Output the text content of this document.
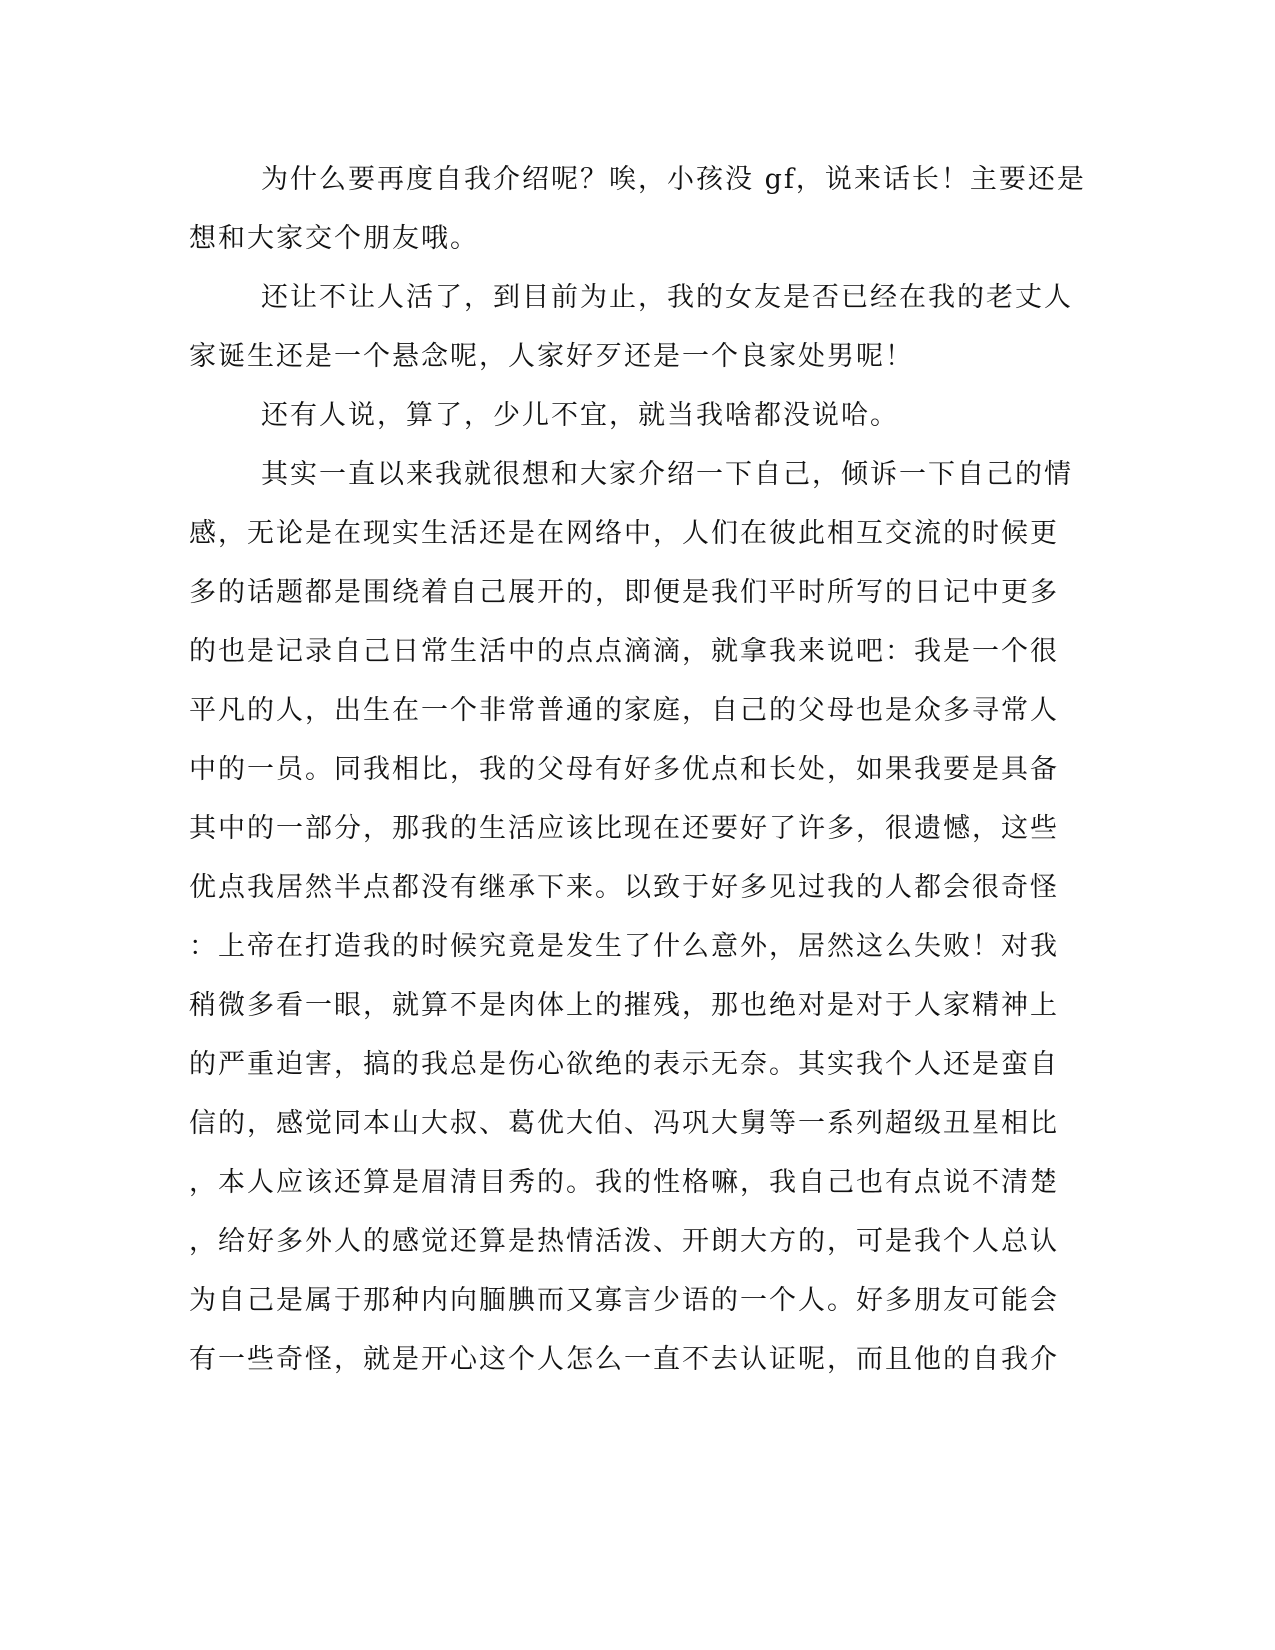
为什么要再度自我介绍呢？唉，小孩没 gf，说来话长！主要还是
想和大家交个朋友哦。
还让不让人活了，到目前为止，我的女友是否已经在我的老丈人
家诞生还是一个悬念呢，人家好歹还是一个良家处男呢！
还有人说，算了，少儿不宜，就当我啥都没说哈。
其实一直以来我就很想和大家介绍一下自己，倾诉一下自己的情
感，无论是在现实生活还是在网络中，人们在彼此相互交流的时候更
多的话题都是围绕着自己展开的，即便是我们平时所写的日记中更多
的也是记录自己日常生活中的点点滴滴，就拿我来说吧：我是一个很
平凡的人，出生在一个非常普通的家庭，自己的父母也是众多寻常人
中的一员。同我相比，我的父母有好多优点和长处，如果我要是具备
其中的一部分，那我的生活应该比现在还要好了许多，很遗憾，这些
优点我居然半点都没有继承下来。以致于好多见过我的人都会很奇怪
：上帝在打造我的时候究竟是发生了什么意外，居然这么失败！对我
稍微多看一眼，就算不是肉体上的摧残，那也绝对是对于人家精神上
的严重迫害，搞的我总是伤心欲绝的表示无奈。其实我个人还是蛮自
信的，感觉同本山大叔、葛优大伯、冯巩大舅等一系列超级丑星相比
，本人应该还算是眉清目秀的。我的性格嘛，我自己也有点说不清楚
，给好多外人的感觉还算是热情活泼、开朗大方的，可是我个人总认
为自己是属于那种内向腼腆而又寡言少语的一个人。好多朋友可能会
有一些奇怪，就是开心这个人怎么一直不去认证呢，而且他的自我介
